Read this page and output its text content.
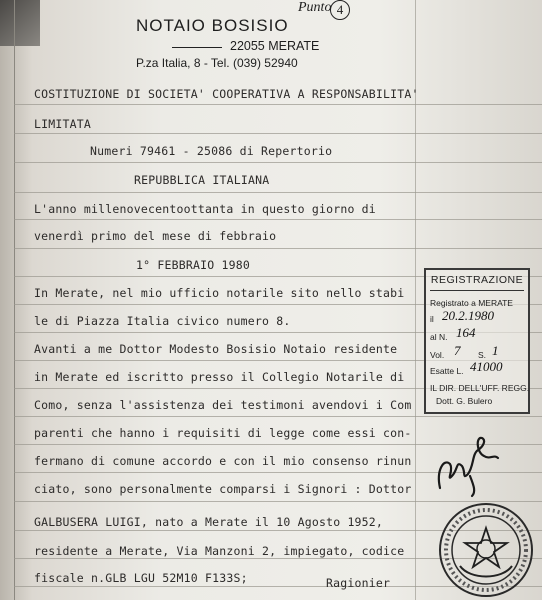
NOTAIO BOSISIO
22055 MERATE
P.za Italia, 8 - Tel. (039) 52940
Punto 4
COSTITUZIONE DI SOCIETA' COOPERATIVA A RESPONSABILITA'
LIMITATA
Numeri 79461 - 25086 di Repertorio
REPUBBLICA ITALIANA
L'anno millenovecentoottanta in questo giorno di
venerdì primo del mese di febbraio
1° FEBBRAIO 1980
In Merate, nel mio ufficio notarile sito nello stabi
le di Piazza Italia civico numero 8.
Avanti a me Dottor Modesto Bosisio Notaio residente
in Merate ed iscritto presso il Collegio Notarile di
Como, senza l'assistenza dei testimoni avendovi i Com
parenti che hanno i requisiti di legge come essi con-
fermano di comune accordo e con il mio consenso rinun
ciato, sono personalmente comparsi i Signori : Dottor
GALBUSERA LUIGI, nato a Merate il 10 Agosto 1952,
residente a Merate, Via Manzoni 2, impiegato, codice
fiscale n.GLB LGU 52M10 F133S;	Ragionier
REGISTRAZIONE
Registrato a MERATE
il 20.2.1980
al N. 164
Vol. 7 S. 1
Esatte L. 41000
IL DIR. DELL'UFF. REGG.
Dott. G. Bulero
